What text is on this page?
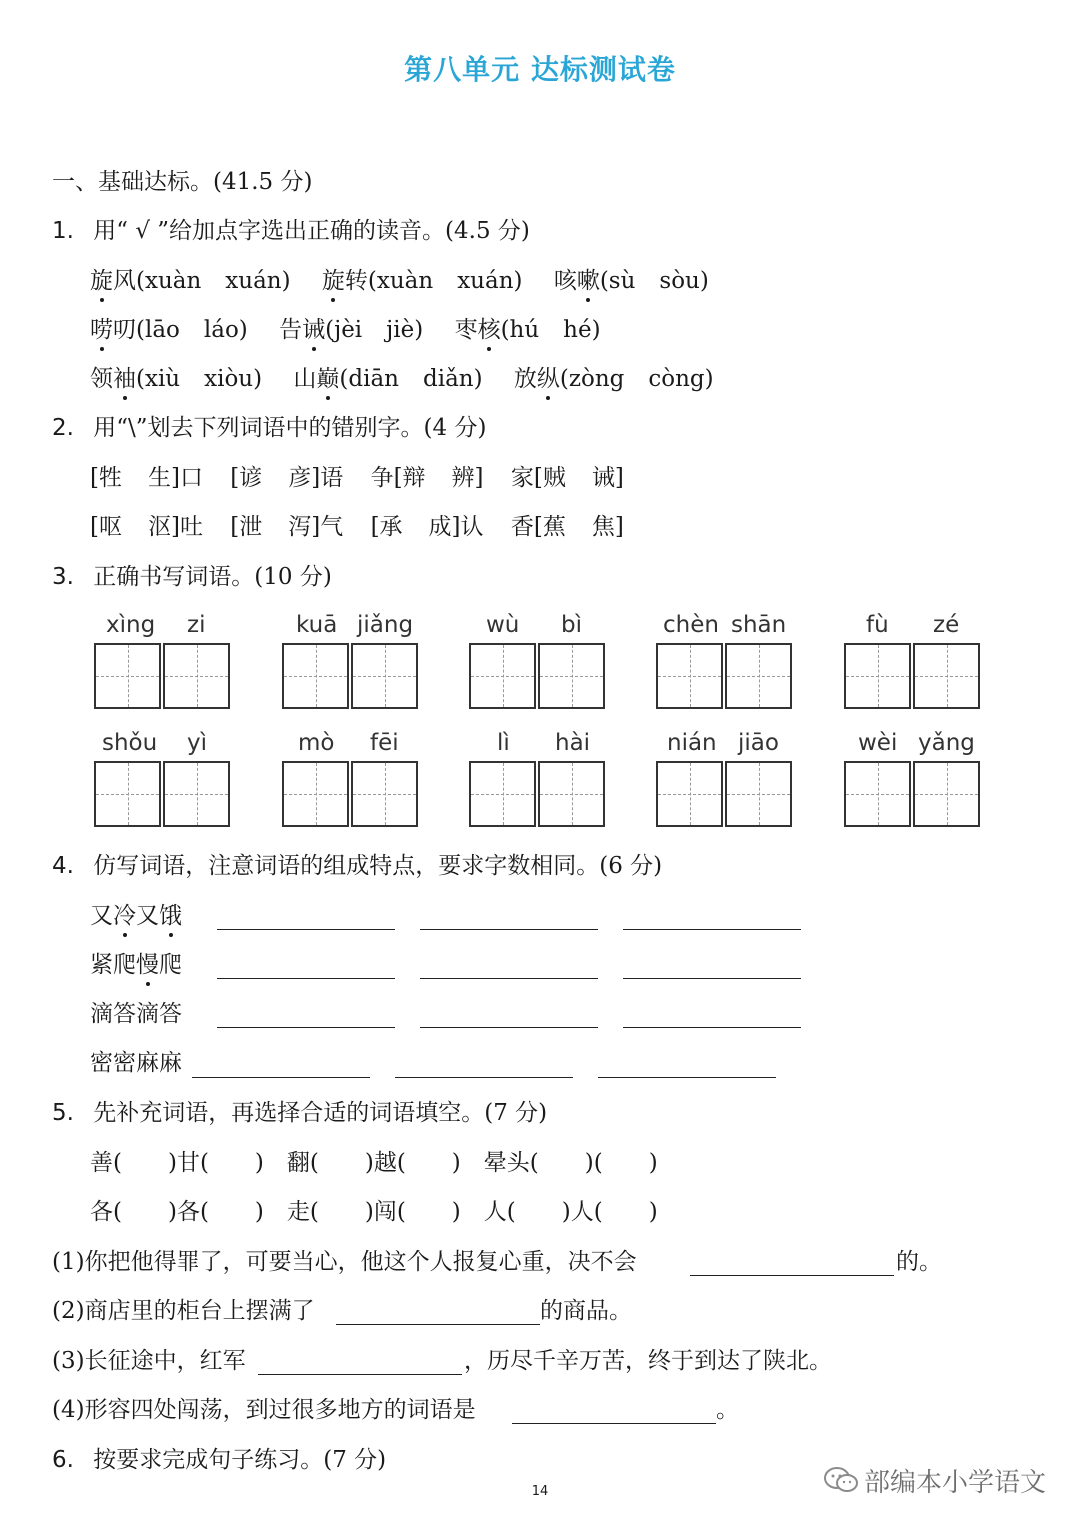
第八单元 达标测试卷
一、基础达标。(41.5 分)
1. 用“ √ ”给加点字选出正确的读音。(4.5 分)
旋风(xuàn xuán) 旋转(xuàn xuán) 咳嗽(sù sòu)
唠叨(lāo láo) 告诫(jèi jiè) 枣核(hú hé)
领袖(xiù xiòu) 山巅(diān diǎn) 放纵(zòng còng)
2. 用“\”划去下列词语中的错别字。(4 分)
[牲 生]口 [谚 彦]语 争[辩 辨] 家[贼 诫]
[呕 沤]吐 [泄 泻]气 [承 成]认 香[蕉 焦]
3. 正确书写词语。(10 分)
xìng zi	kuā jiǎng	wù bì	chèn shān	fù zé
shǒu yì	mò fēi	lì hài	nián jiāo	wèi yǎng
4. 仿写词语，注意词语的组成特点，要求字数相同。(6 分)
又冷又饿
紧爬慢爬
滴答滴答
密密麻麻
5. 先补充词语，再选择合适的词语填空。(7 分)
善(　　)甘(　　)　翻(　　)越(　　)　晕头(　　)(　　)
各(　　)各(　　)　走(　　)闯(　　)　人(　　)人(　　)
(1)你把他得罪了，可要当心，他这个人报复心重，决不会	的。
(2)商店里的柜台上摆满了	的商品。
(3)长征途中，红军	，历尽千辛万苦，终于到达了陕北。
(4)形容四处闯荡，到过很多地方的词语是	。
6. 按要求完成句子练习。(7 分)
14	部编本小学语文
